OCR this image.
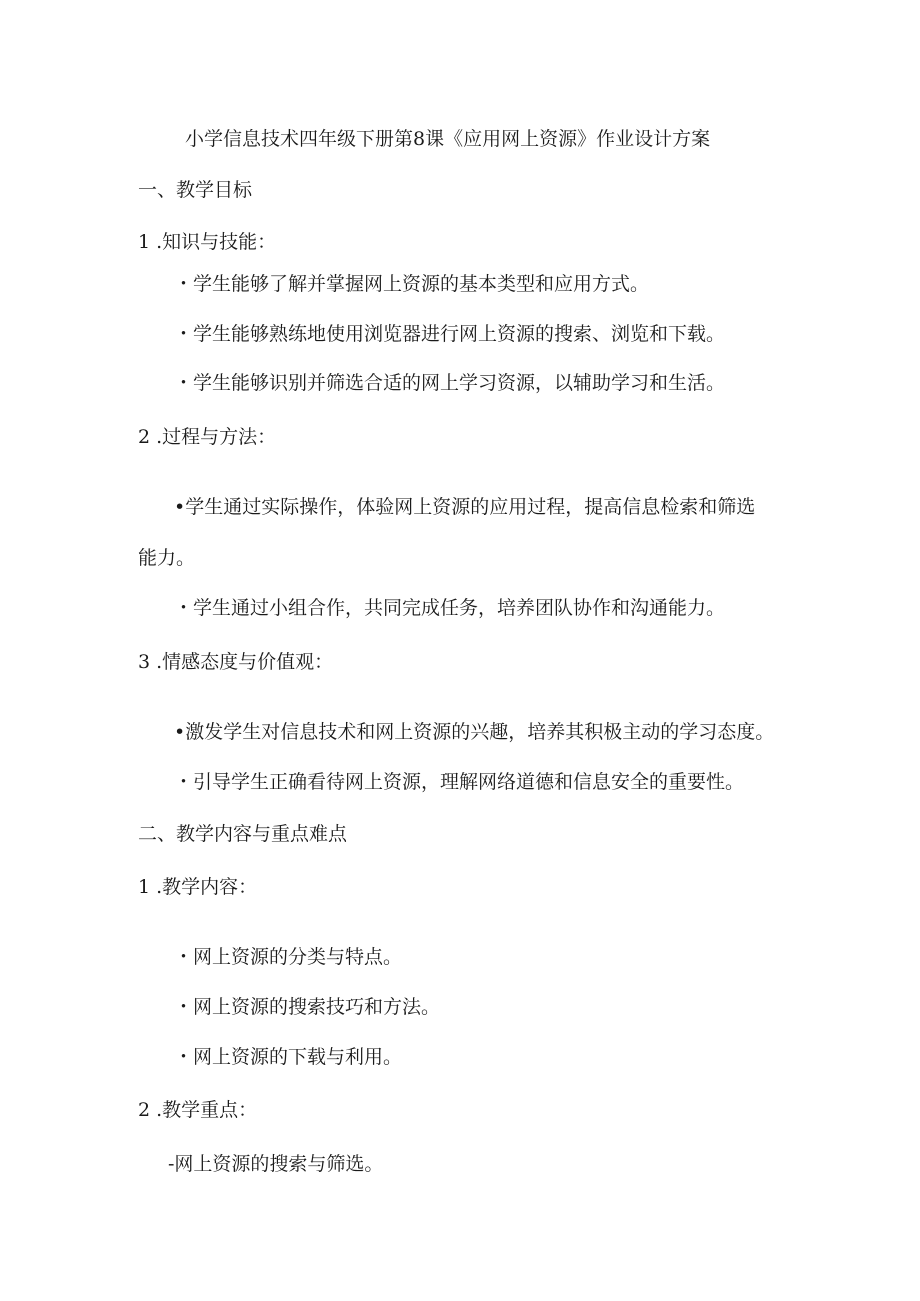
小学信息技术四年级下册第8课《应用网上资源》作业设计方案
一、教学目标
1 .知识与技能：
・学生能够了解并掌握网上资源的基本类型和应用方式。
・学生能够熟练地使用浏览器进行网上资源的搜索、浏览和下载。
・学生能够识别并筛选合适的网上学习资源，以辅助学习和生活。
2 .过程与方法：
•学生通过实际操作，体验网上资源的应用过程，提高信息检索和筛选
能力。
・学生通过小组合作，共同完成任务，培养团队协作和沟通能力。
3 .情感态度与价值观：
•激发学生对信息技术和网上资源的兴趣，培养其积极主动的学习态度。
・引导学生正确看待网上资源，理解网络道德和信息安全的重要性。
二、教学内容与重点难点
1 .教学内容：
・网上资源的分类与特点。
・网上资源的搜索技巧和方法。
・网上资源的下载与利用。
2 .教学重点：
-网上资源的搜索与筛选。
